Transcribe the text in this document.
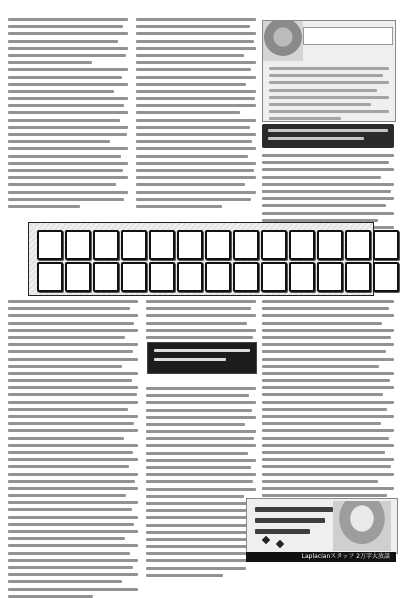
Laplacianスタッフ 2万字大放談
